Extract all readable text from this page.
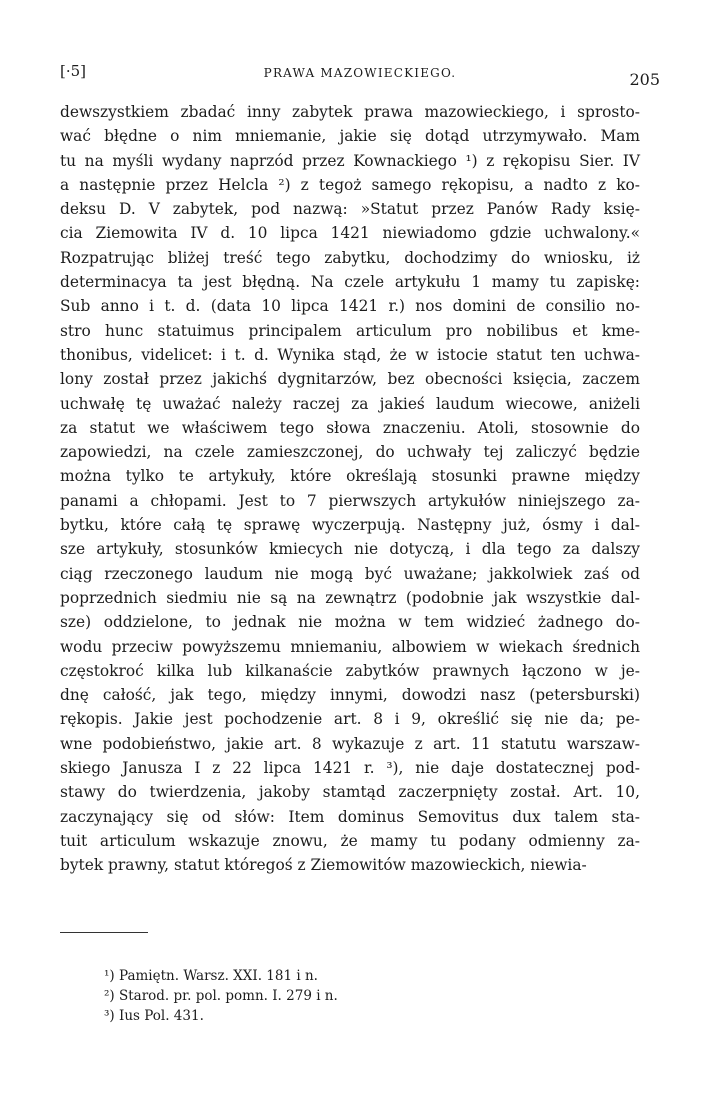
[·5]	PRAWA MAZOWIECKIEGO.	205
dewszystkiem zbadać inny zabytek prawa mazowieckiego, i sprosto-
wać błędne o nim mniemanie, jakie się dotąd utrzymywało. Mam
tu na myśli wydany naprzód przez Kownackiego ¹) z rękopisu Sier. IV
a następnie przez Helcla ²) z tegoż samego rękopisu, a nadto z ko-
deksu D. V zabytek, pod nazwą: »Statut przez Panów Rady księ-
cia Ziemowita IV d. 10 lipca 1421 niewiadomo gdzie uchwalony.«
Rozpatrując bliżej treść tego zabytku, dochodzimy do wniosku, iż
determinacya ta jest błędną. Na czele artykułu 1 mamy tu zapiskę:
Sub anno i t. d. (data 10 lipca 1421 r.) nos domini de consilio no-
stro hunc statuimus principalem articulum pro nobilibus et kme-
thonibus, videlicet: i t. d. Wynika stąd, że w istocie statut ten uchwa-
lony został przez jakichś dygnitarzów, bez obecności księcia, zaczem
uchwałę tę uważać należy raczej za jakieś laudum wiecowe, aniżeli
za statut we właściwem tego słowa znaczeniu. Atoli, stosownie do
zapowiedzi, na czele zamieszczonej, do uchwały tej zaliczyć będzie
można tylko te artykuły, które określają stosunki prawne między
panami a chłopami. Jest to 7 pierwszych artykułów niniejszego za-
bytku, które całą tę sprawę wyczerpują. Następny już, ósmy i dal-
sze artykuły, stosunków kmiecych nie dotyczą, i dla tego za dalszy
ciąg rzeczonego laudum nie mogą być uważane; jakkolwiek zaś od
poprzednich siedmiu nie są na zewnątrz (podobnie jak wszystkie dal-
sze) oddzielone, to jednak nie można w tem widzieć żadnego do-
wodu przeciw powyższemu mniemaniu, albowiem w wiekach średnich
częstokroć kilka lub kilkanaście zabytków prawnych łączono w je-
dnę całość, jak tego, między innymi, dowodzi nasz (petersburski)
rękopis. Jakie jest pochodzenie art. 8 i 9, określić się nie da; pe-
wne podobieństwo, jakie art. 8 wykazuje z art. 11 statutu warszaw-
skiego Janusza I z 22 lipca 1421 r. ³), nie daje dostatecznej pod-
stawy do twierdzenia, jakoby stamtąd zaczerpnięty został. Art. 10,
zaczynający się od słów: Item dominus Semovitus dux talem sta-
tuit articulum wskazuje znowu, że mamy tu podany odmienny za-
bytek prawny, statut któregoś z Ziemowitów mazowieckich, niewia-
¹) Pamiętn. Warsz. XXI. 181 i n.
²) Starod. pr. pol. pomn. I. 279 i n.
³) Ius Pol. 431.
